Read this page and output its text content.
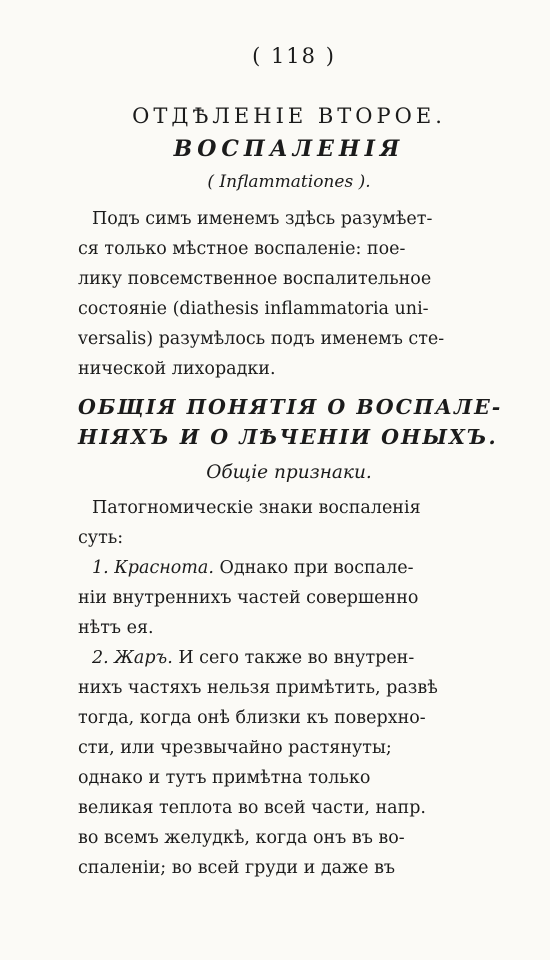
( 118 )
ОТДѢЛЕНІЕ ВТОРОЕ.
ВОСПАЛЕНІЯ
( Inflammationes ).

Подъ симъ именемъ здѣсь разумѣет-
ся только мѣстное воспаленіе: пое-
лику повсемственное воспалительное
состояніе (diathesis inflammatoria uni-
versalis) разумѣлось подъ именемъ сте-
нической лихорадки.

ОБЩІЯ ПОНЯТІЯ О ВОСПАЛЕ-
НІЯХЪ И О ЛѢЧЕНІИ ОНЫХЪ.
Общіе признаки.

Патогномическіе знаки воспаленія
суть:

1. Краснота. Однако при воспале-
ніи внутреннихъ частей совершенно
нѣтъ ея.

2. Жаръ. И сего также во внутрен-
нихъ частяхъ нельзя примѣтить, развѣ
тогда, когда онѣ близки къ поверхно-
сти, или чрезвычайно растянуты;
однако и тутъ примѣтна только
великая теплота во всей части, напр.
во всемъ желудкѣ, когда онъ въ во-
спаленіи; во всей груди и даже въ
